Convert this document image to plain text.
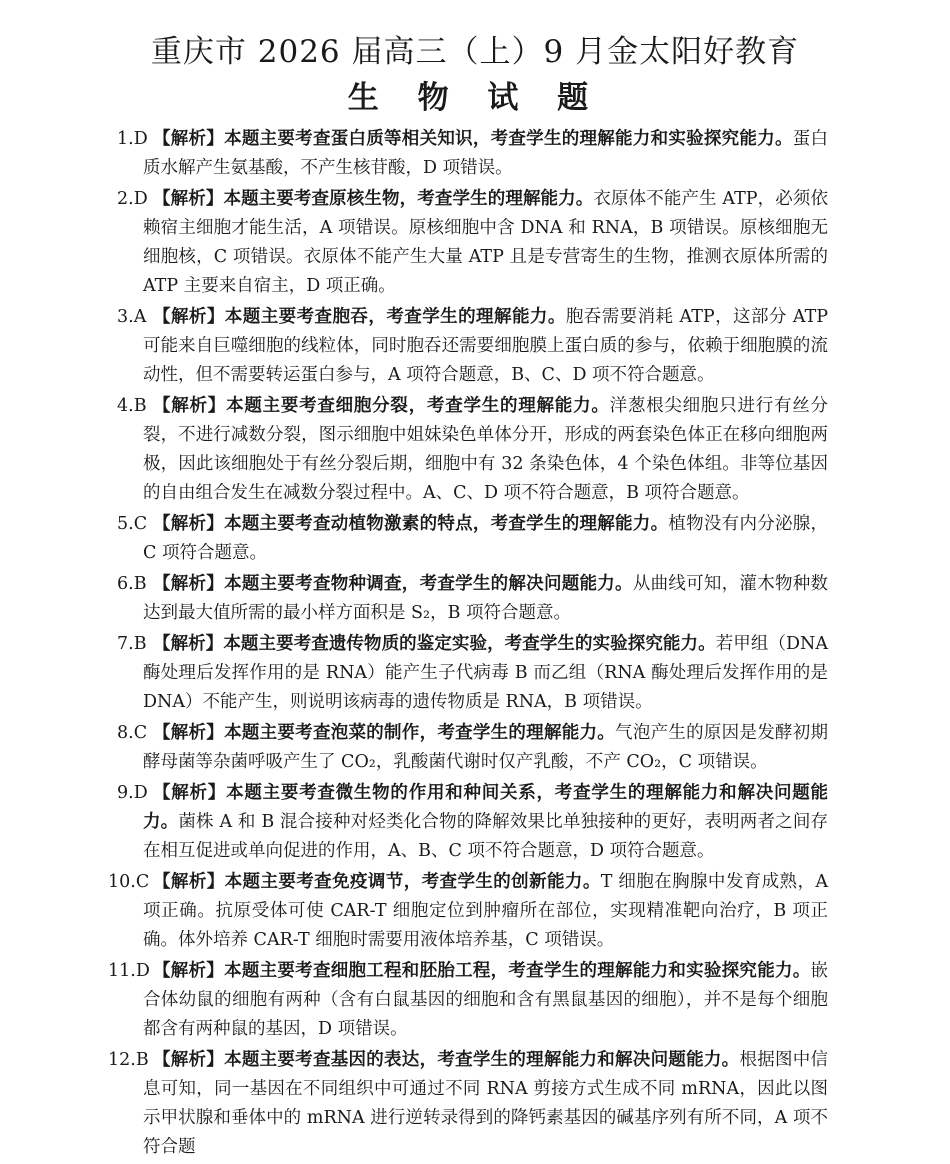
重庆市 2026 届高三（上）9 月金太阳好教育
生 物 试 题
1.D 【解析】本题主要考查蛋白质等相关知识，考查学生的理解能力和实验探究能力。蛋白质水解产生氨基酸，不产生核苷酸，D 项错误。
2.D 【解析】本题主要考查原核生物，考查学生的理解能力。衣原体不能产生 ATP，必须依赖宿主细胞才能生活，A 项错误。原核细胞中含 DNA 和 RNA，B 项错误。原核细胞无细胞核，C 项错误。衣原体不能产生大量 ATP 且是专营寄生的生物，推测衣原体所需的 ATP 主要来自宿主，D 项正确。
3.A 【解析】本题主要考查胞吞，考查学生的理解能力。胞吞需要消耗 ATP，这部分 ATP 可能来自巨噬细胞的线粒体，同时胞吞还需要细胞膜上蛋白质的参与，依赖于细胞膜的流动性，但不需要转运蛋白参与，A 项符合题意，B、C、D 项不符合题意。
4.B 【解析】本题主要考查细胞分裂，考查学生的理解能力。洋葱根尖细胞只进行有丝分裂，不进行减数分裂，图示细胞中姐妹染色单体分开，形成的两套染色体正在移向细胞两极，因此该细胞处于有丝分裂后期，细胞中有 32 条染色体，4 个染色体组。非等位基因的自由组合发生在减数分裂过程中。A、C、D 项不符合题意，B 项符合题意。
5.C 【解析】本题主要考查动植物激素的特点，考查学生的理解能力。植物没有内分泌腺，C 项符合题意。
6.B 【解析】本题主要考查物种调查，考查学生的解决问题能力。从曲线可知，灌木物种数达到最大值所需的最小样方面积是 S₂，B 项符合题意。
7.B 【解析】本题主要考查遗传物质的鉴定实验，考查学生的实验探究能力。若甲组（DNA 酶处理后发挥作用的是 RNA）能产生子代病毒 B 而乙组（RNA 酶处理后发挥作用的是 DNA）不能产生，则说明该病毒的遗传物质是 RNA，B 项错误。
8.C 【解析】本题主要考查泡菜的制作，考查学生的理解能力。气泡产生的原因是发酵初期酵母菌等杂菌呼吸产生了 CO₂，乳酸菌代谢时仅产乳酸，不产 CO₂，C 项错误。
9.D 【解析】本题主要考查微生物的作用和种间关系，考查学生的理解能力和解决问题能力。菌株 A 和 B 混合接种对烃类化合物的降解效果比单独接种的更好，表明两者之间存在相互促进或单向促进的作用，A、B、C 项不符合题意，D 项符合题意。
10.C 【解析】本题主要考查免疫调节，考查学生的创新能力。T 细胞在胸腺中发育成熟，A 项正确。抗原受体可使 CAR-T 细胞定位到肿瘤所在部位，实现精准靶向治疗，B 项正确。体外培养 CAR-T 细胞时需要用液体培养基，C 项错误。
11.D 【解析】本题主要考查细胞工程和胚胎工程，考查学生的理解能力和实验探究能力。嵌合体幼鼠的细胞有两种（含有白鼠基因的细胞和含有黑鼠基因的细胞），并不是每个细胞都含有两种鼠的基因，D 项错误。
12.B 【解析】本题主要考查基因的表达，考查学生的理解能力和解决问题能力。根据图中信息可知，同一基因在不同组织中可通过不同 RNA 剪接方式生成不同 mRNA，因此以图示甲状腺和垂体中的 mRNA 进行逆转录得到的降钙素基因的碱基序列有所不同，A 项不符合题
